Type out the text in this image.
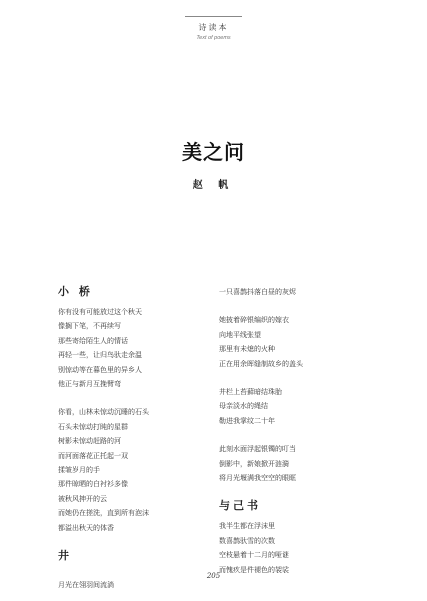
诗读本
Text of poems
美之问
赵 帆
小 桥
你有没有可能放过这个秋天
像搁下笔，不再续写
那些寄给陌生人的情话
再轻一些，让归鸟驮走余温
别惊动等在暮色里的异乡人
他正与新月互挽臂弯
你看，山林未惊动沉睡的石头
石头未惊动打盹的星群
树影未惊动赶路的河
而河面落花正托起一双
揉皱岁月的手
那件晾晒的白衬衫多像
被秋风抻开的云
而她仍在搓洗，直到所有泡沫
都溢出秋天的体香
井
月光在翎羽间流淌
一只喜鹊抖落白昼的灰烬
她披着碎银编织的嫁衣
向地平线张望
那里有未熄的火种
正在用余晖缝制故乡的盖头
井栏上苔藓暗结珠胎
母亲淡水的绳结
勒进我掌纹二十年
此刻水面浮起银镯的叮当
倒影中，新娘掀开涟漪
将月光堰满我空空的眼眶
与己书
我半生都在浮沫里
数喜鹊驮雪的次数
空枝悬着十二月的哑谜
而愧疚是件褪色的袈裟
205
